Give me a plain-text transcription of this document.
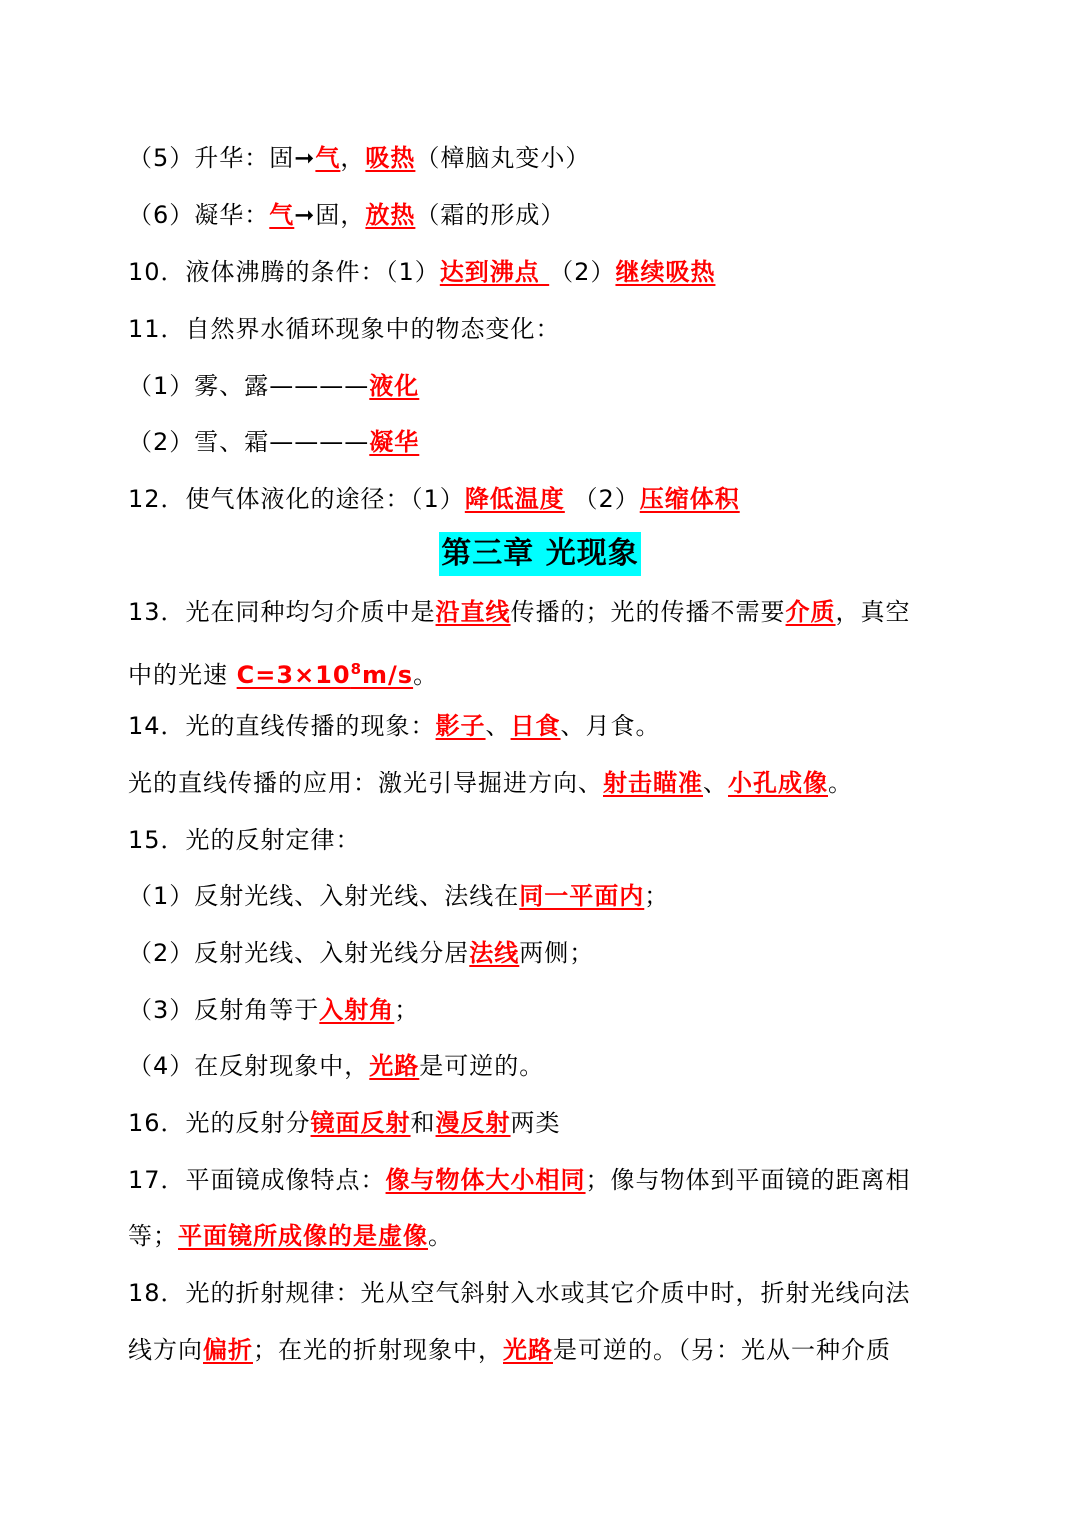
（5）升华：固➞气，吸热（樟脑丸变小）
（6）凝华：气➞固，放热（霜的形成）
10．液体沸腾的条件：（1）达到沸点 （2）继续吸热
11．自然界水循环现象中的物态变化：
（1）雾、露————液化
（2）雪、霜————凝华
12．使气体液化的途径：（1）降低温度 （2）压缩体积
第三章 光现象
13．光在同种均匀介质中是沿直线传播的；光的传播不需要介质，真空
中的光速 $C=3\times 10^8m/s$。
14．光的直线传播的现象：影子、日食、月食。
光的直线传播的应用：激光引导掘进方向、射击瞄准、小孔成像。
15．光的反射定律：
（1）反射光线、入射光线、法线在同一平面内；
（2）反射光线、入射光线分居法线两侧；
（3）反射角等于入射角；
（4）在反射现象中，光路是可逆的。
16．光的反射分镜面反射和漫反射两类
17．平面镜成像特点：像与物体大小相同；像与物体到平面镜的距离相
等；平面镜所成像的是虚像。
18．光的折射规律：光从空气斜射入水或其它介质中时，折射光线向法
线方向偏折；在光的折射现象中，光路是可逆的。（另：光从一种介质
